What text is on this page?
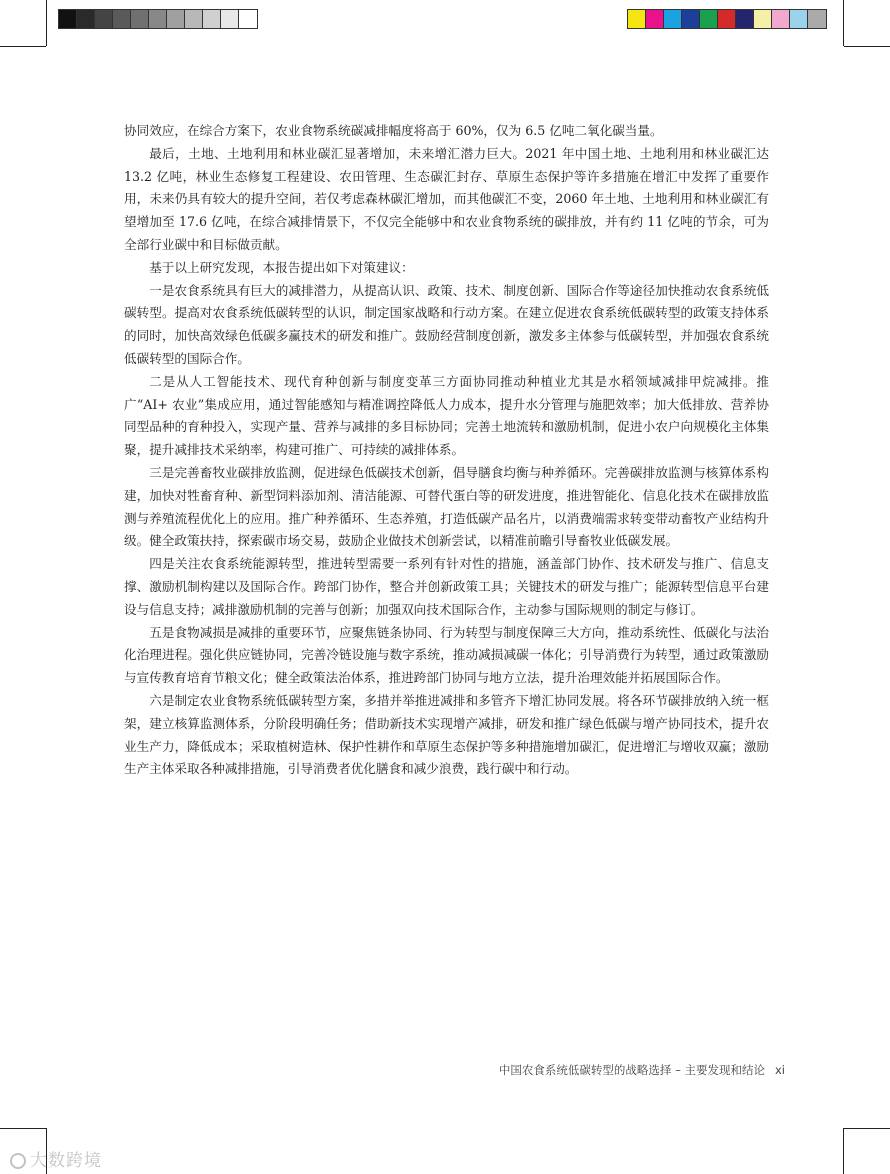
协同效应，在综合方案下，农业食物系统碳减排幅度将高于 60%，仅为 6.5 亿吨二氧化碳当量。

最后，土地、土地利用和林业碳汇显著增加，未来增汇潜力巨大。2021 年中国土地、土地利用和林业碳汇达 13.2 亿吨，林业生态修复工程建设、农田管理、生态碳汇封存、草原生态保护等许多措施在增汇中发挥了重要作用，未来仍具有较大的提升空间，若仅考虑森林碳汇增加，而其他碳汇不变，2060 年土地、土地利用和林业碳汇有望增加至 17.6 亿吨，在综合减排情景下，不仅完全能够中和农业食物系统的碳排放，并有约 11 亿吨的节余，可为全部行业碳中和目标做贡献。

基于以上研究发现，本报告提出如下对策建议：

一是农食系统具有巨大的减排潜力，从提高认识、政策、技术、制度创新、国际合作等途径加快推动农食系统低碳转型。提高对农食系统低碳转型的认识，制定国家战略和行动方案。在建立促进农食系统低碳转型的政策支持体系的同时，加快高效绿色低碳多赢技术的研发和推广。鼓励经营制度创新，激发多主体参与低碳转型，并加强农食系统低碳转型的国际合作。

二是从人工智能技术、现代育种创新与制度变革三方面协同推动种植业尤其是水稻领域减排甲烷减排。推广“AI+ 农业”集成应用，通过智能感知与精准调控降低人力成本，提升水分管理与施肥效率；加大低排放、营养协同型品种的育种投入，实现产量、营养与减排的多目标协同；完善土地流转和激励机制，促进小农户向规模化主体集聚，提升减排技术采纳率，构建可推广、可持续的减排体系。

三是完善畜牧业碳排放监测，促进绿色低碳技术创新，倡导膳食均衡与种养循环。完善碳排放监测与核算体系构建，加快对牲畜育种、新型饲料添加剂、清洁能源、可替代蛋白等的研发进度，推进智能化、信息化技术在碳排放监测与养殖流程优化上的应用。推广种养循环、生态养殖，打造低碳产品名片，以消费端需求转变带动畜牧产业结构升级。健全政策扶持，探索碳市场交易，鼓励企业做技术创新尝试，以精准前瞻引导畜牧业低碳发展。

四是关注农食系统能源转型，推进转型需要一系列有针对性的措施，涵盖部门协作、技术研发与推广、信息支撑、激励机制构建以及国际合作。跨部门协作，整合并创新政策工具；关键技术的研发与推广；能源转型信息平台建设与信息支持；减排激励机制的完善与创新；加强双向技术国际合作，主动参与国际规则的制定与修订。

五是食物减损是减排的重要环节，应聚焦链条协同、行为转型与制度保障三大方向，推动系统性、低碳化与法治化治理进程。强化供应链协同，完善冷链设施与数字系统，推动减损减碳一体化；引导消费行为转型，通过政策激励与宣传教育培育节粮文化；健全政策法治体系，推进跨部门协同与地方立法，提升治理效能并拓展国际合作。

六是制定农业食物系统低碳转型方案，多措并举推进减排和多管齐下增汇协同发展。将各环节碳排放纳入统一框架，建立核算监测体系，分阶段明确任务；借助新技术实现增产减排，研发和推广绿色低碳与增产协同技术，提升农业生产力，降低成本；采取植树造林、保护性耕作和草原生态保护等多种措施增加碳汇，促进增汇与增收双赢；激励生产主体采取各种减排措施，引导消费者优化膳食和减少浪费，践行碳中和行动。

中国农食系统低碳转型的战略选择 – 主要发现和结论 xi
大数跨境
